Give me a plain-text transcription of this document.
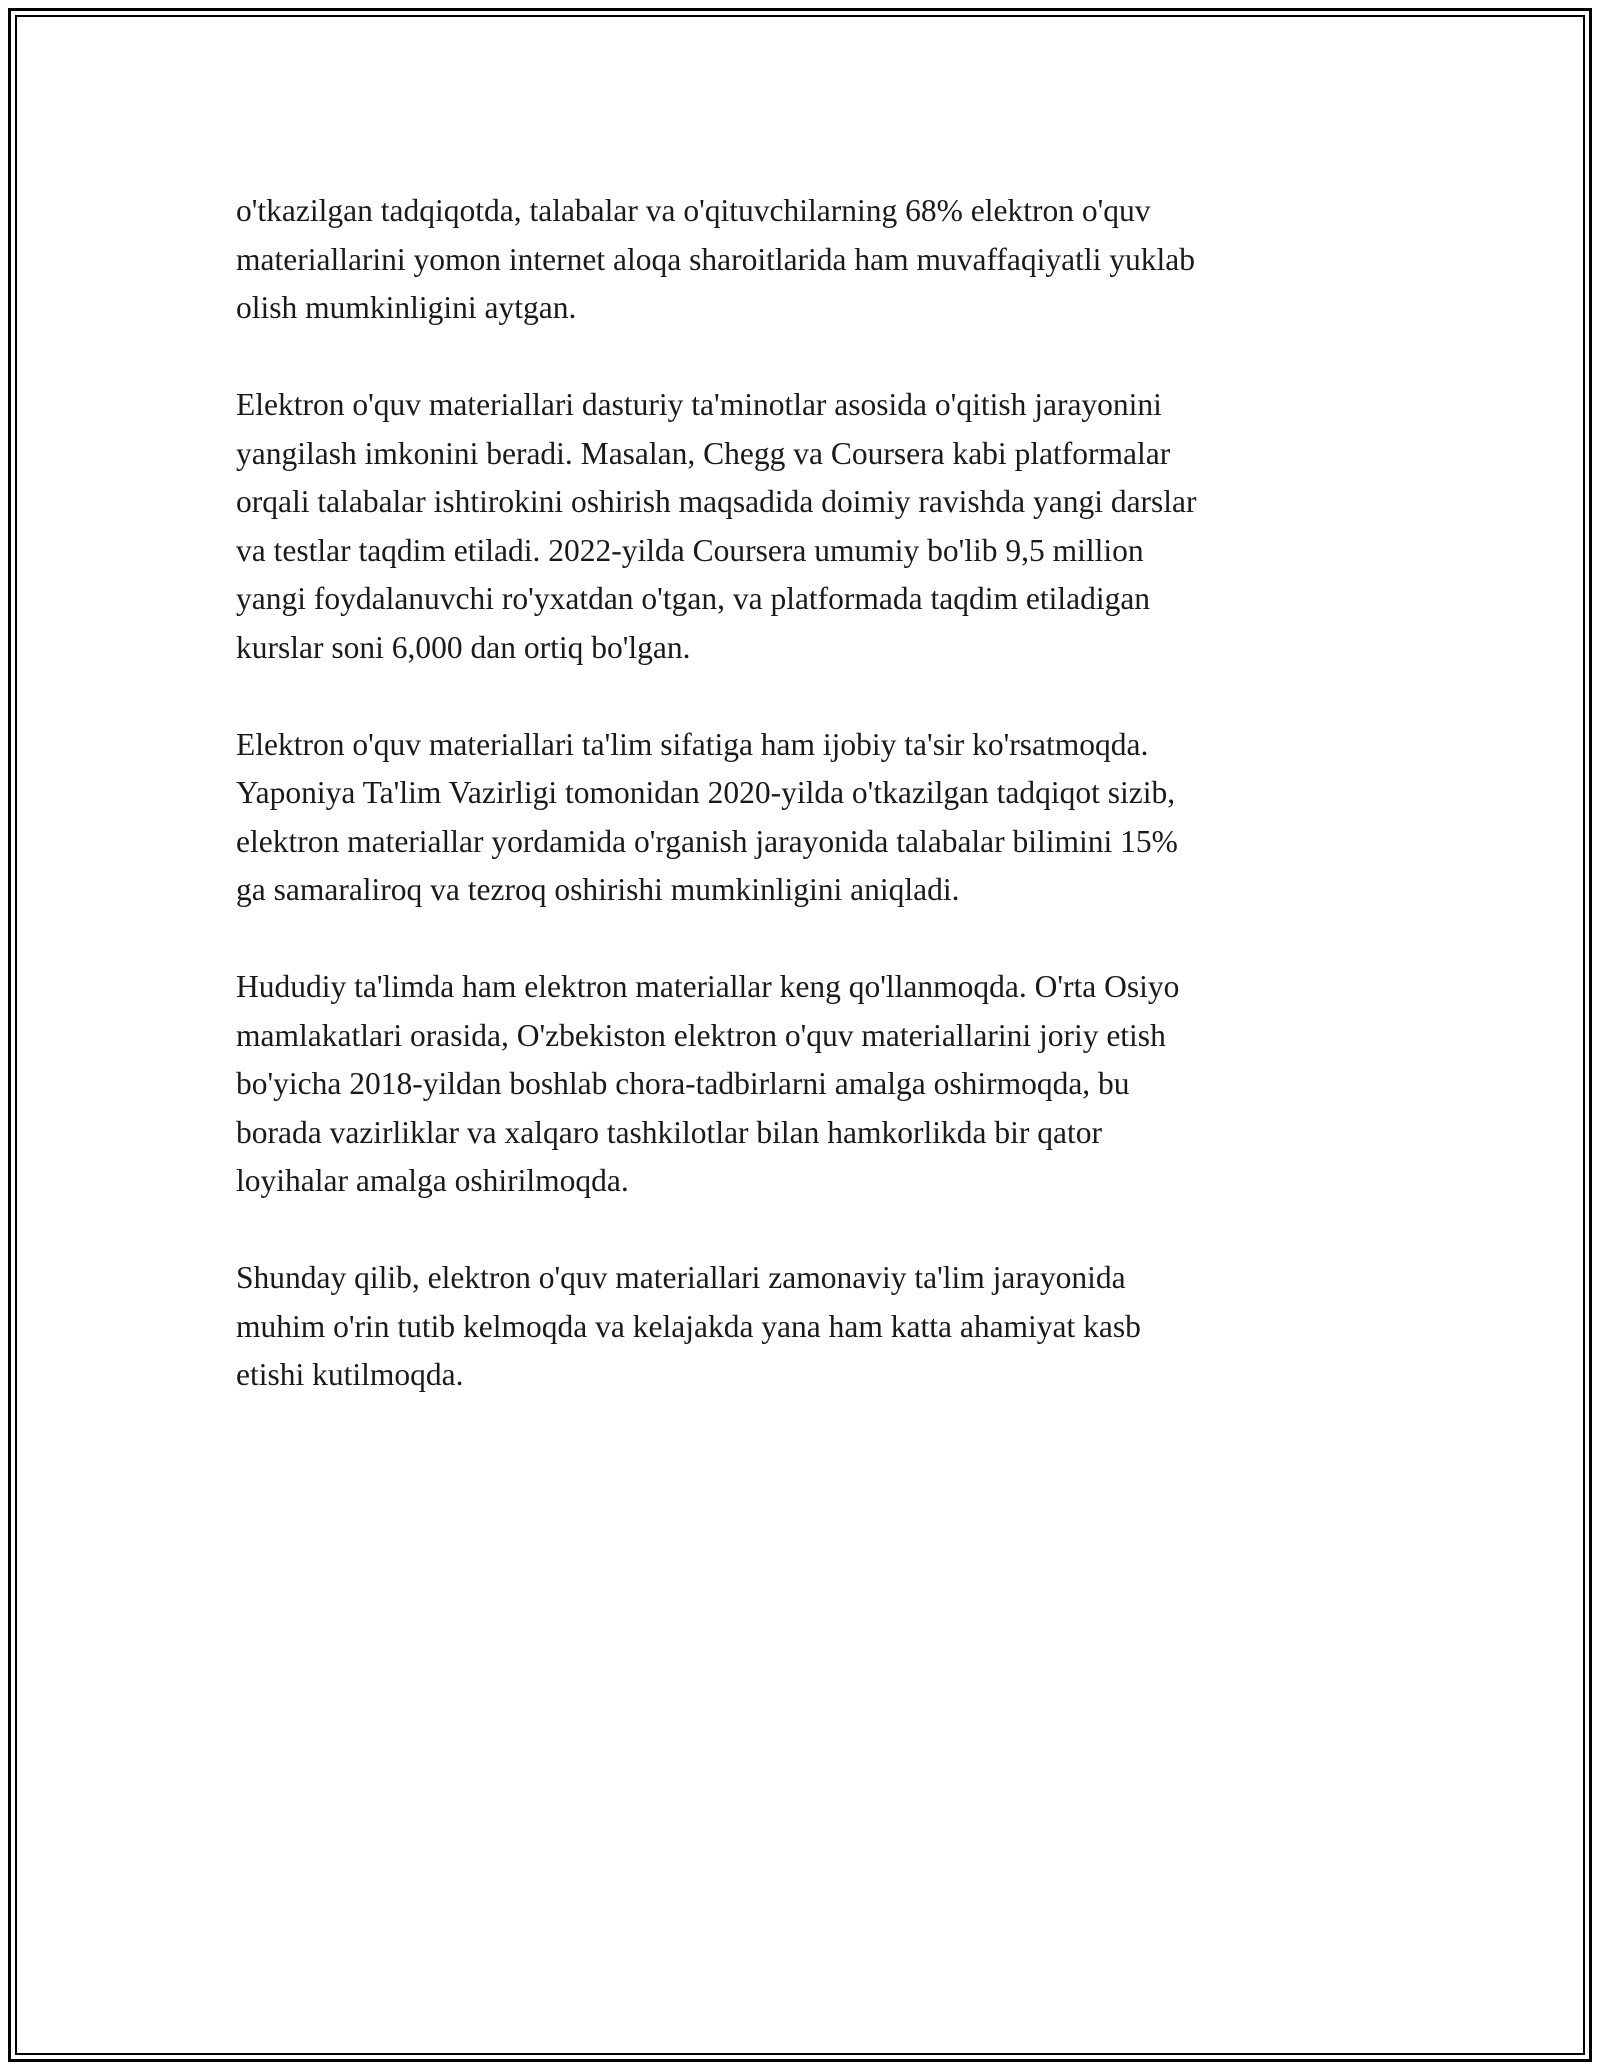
o'tkazilgan tadqiqotda, talabalar va o'qituvchilarning 68% elektron o'quv
materiallarini yomon internet aloqa sharoitlarida ham muvaffaqiyatli yuklab
olish mumkinligini aytgan.

Elektron o'quv materiallari dasturiy ta'minotlar asosida o'qitish jarayonini
yangilash imkonini beradi. Masalan, Chegg va Coursera kabi platformalar
orqali talabalar ishtirokini oshirish maqsadida doimiy ravishda yangi darslar
va testlar taqdim etiladi. 2022-yilda Coursera umumiy bo'lib 9,5 million
yangi foydalanuvchi ro'yxatdan o'tgan, va platformada taqdim etiladigan
kurslar soni 6,000 dan ortiq bo'lgan.

Elektron o'quv materiallari ta'lim sifatiga ham ijobiy ta'sir ko'rsatmoqda.
Yaponiya Ta'lim Vazirligi tomonidan 2020-yilda o'tkazilgan tadqiqot sizib,
elektron materiallar yordamida o'rganish jarayonida talabalar bilimini 15%
ga samaraliroq va tezroq oshirishi mumkinligini aniqladi.

Hududiy ta'limda ham elektron materiallar keng qo'llanmoqda. O'rta Osiyo
mamlakatlari orasida, O'zbekiston elektron o'quv materiallarini joriy etish
bo'yicha 2018-yildan boshlab chora-tadbirlarni amalga oshirmoqda, bu
borada vazirliklar va xalqaro tashkilotlar bilan hamkorlikda bir qator
loyihalar amalga oshirilmoqda.

Shunday qilib, elektron o'quv materiallari zamonaviy ta'lim jarayonida
muhim o'rin tutib kelmoqda va kelajakda yana ham katta ahamiyat kasb
etishi kutilmoqda.
